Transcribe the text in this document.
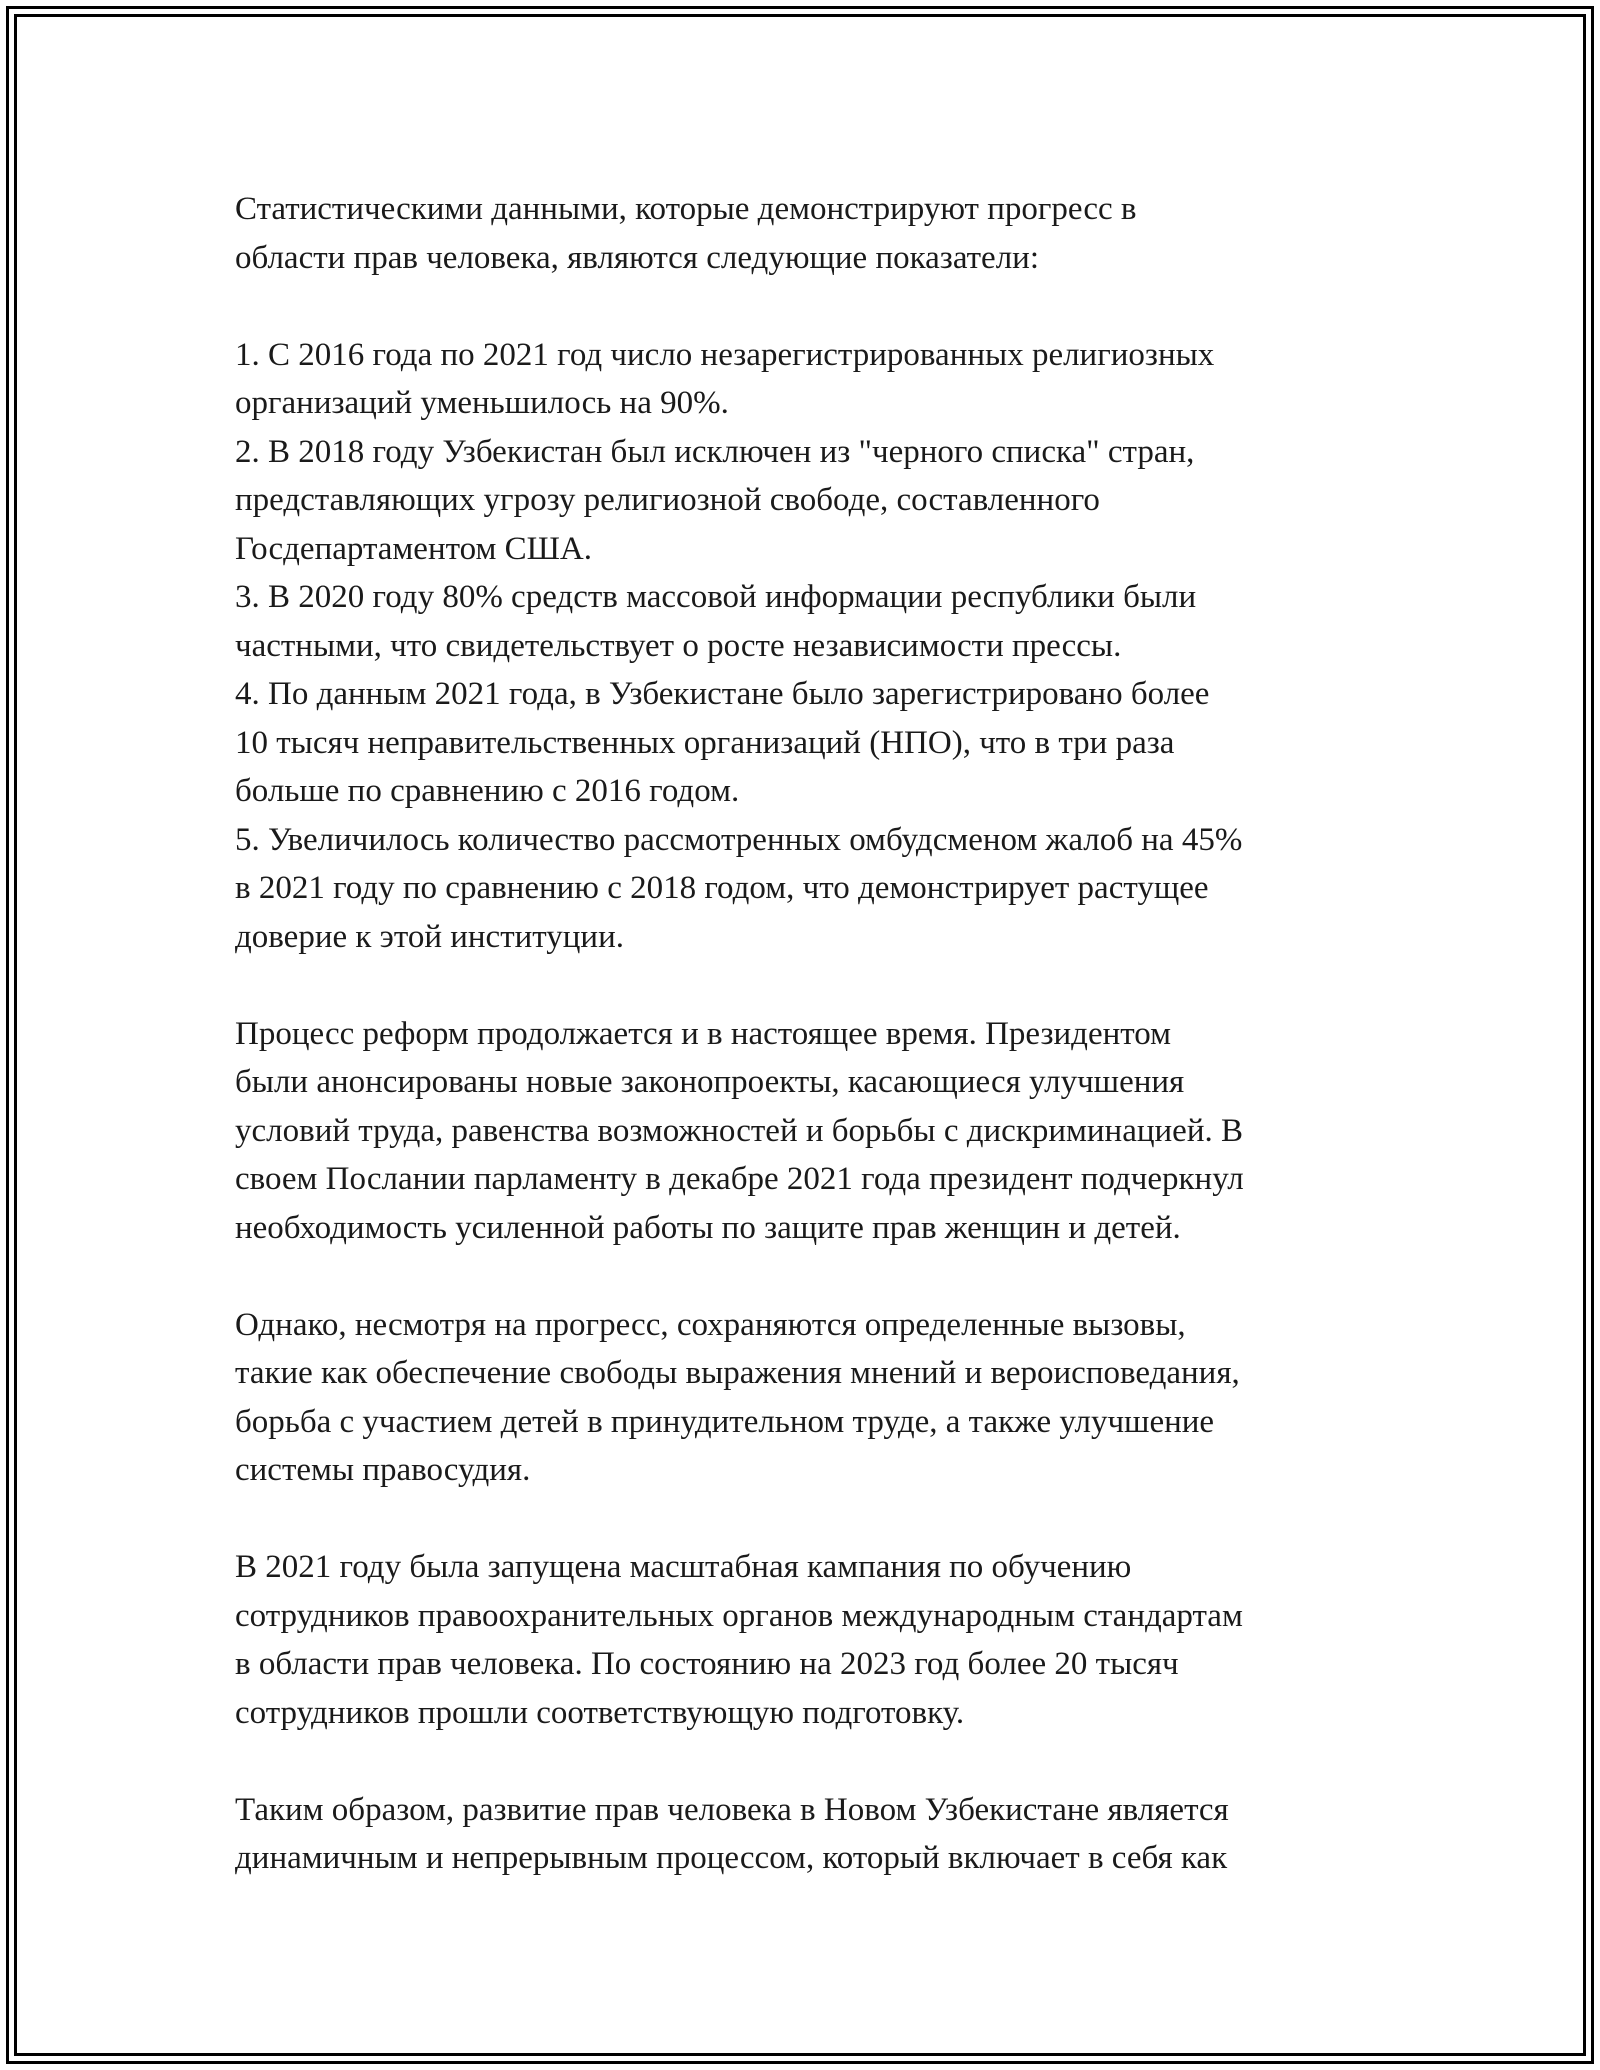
Статистическими данными, которые демонстрируют прогресс в
области прав человека, являются следующие показатели:
1. С 2016 года по 2021 год число незарегистрированных религиозных
организаций уменьшилось на 90%.
2. В 2018 году Узбекистан был исключен из "черного списка" стран,
представляющих угрозу религиозной свободе, составленного
Госдепартаментом США.
3. В 2020 году 80% средств массовой информации республики были
частными, что свидетельствует о росте независимости прессы.
4. По данным 2021 года, в Узбекистане было зарегистрировано более
10 тысяч неправительственных организаций (НПО), что в три раза
больше по сравнению с 2016 годом.
5. Увеличилось количество рассмотренных омбудсменом жалоб на 45%
в 2021 году по сравнению с 2018 годом, что демонстрирует растущее
доверие к этой институции.
Процесс реформ продолжается и в настоящее время. Президентом
были анонсированы новые законопроекты, касающиеся улучшения
условий труда, равенства возможностей и борьбы с дискриминацией. В
своем Послании парламенту в декабре 2021 года президент подчеркнул
необходимость усиленной работы по защите прав женщин и детей.
Однако, несмотря на прогресс, сохраняются определенные вызовы,
такие как обеспечение свободы выражения мнений и вероисповедания,
борьба с участием детей в принудительном труде, а также улучшение
системы правосудия.
В 2021 году была запущена масштабная кампания по обучению
сотрудников правоохранительных органов международным стандартам
в области прав человека. По состоянию на 2023 год более 20 тысяч
сотрудников прошли соответствующую подготовку.
Таким образом, развитие прав человека в Новом Узбекистане является
динамичным и непрерывным процессом, который включает в себя как
